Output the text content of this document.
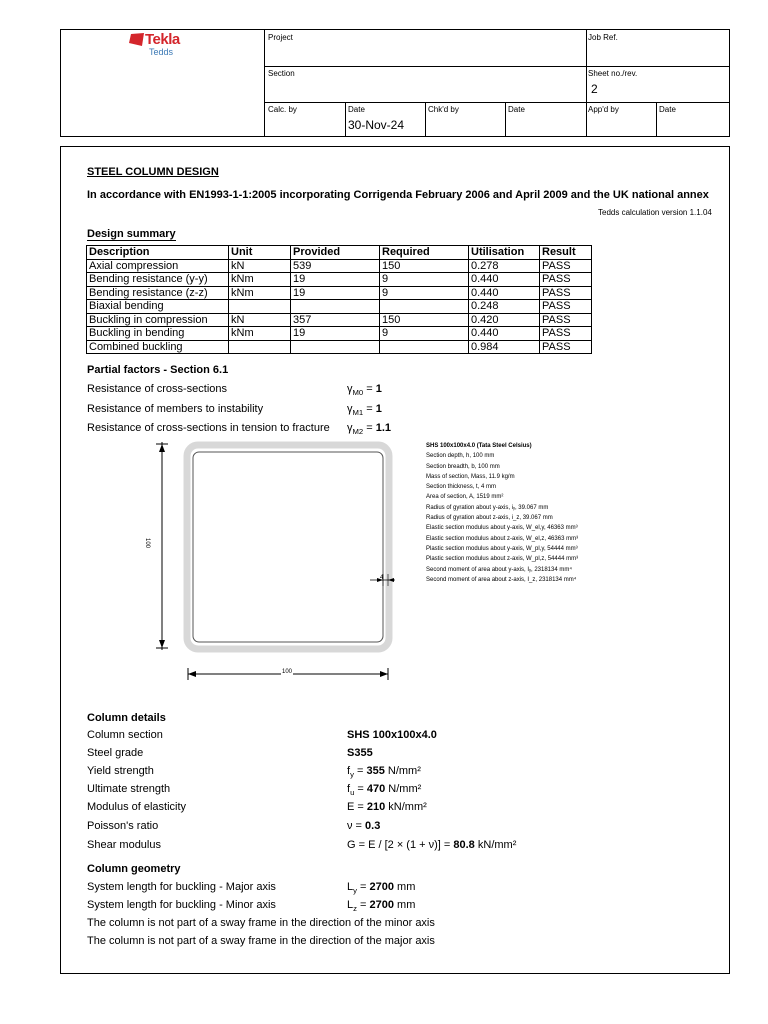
Tekla
Tedds
Project	Job Ref.
Section	Sheet no./rev.
2
Calc. by	Date
30-Nov-24
Chk'd by	Date	App'd by	Date
STEEL COLUMN DESIGN
In accordance with EN1993-1-1:2005 incorporating Corrigenda February 2006 and April 2009 and the UK national annex
Tedds calculation version 1.1.04
Design summary
Description	Unit	Provided	Required	Utilisation	Result
Axial compression	kN	539	150	0.278	PASS
Bending resistance (y-y)	kNm	19	9	0.440	PASS
Bending resistance (z-z)	kNm	19	9	0.440	PASS
Biaxial bending				0.248	PASS
Buckling in compression	kN	357	150	0.420	PASS
Buckling in bending	kNm	19	9	0.440	PASS
Combined buckling				0.984	PASS
Partial factors - Section 6.1
Resistance of cross-sections	$\gamma_{M0} = 1$
Resistance of members to instability	$\gamma_{M1} = 1$
Resistance of cross-sections in tension to fracture $\gamma_{M2} = 1.1$
100
100
4
SHS 100x100x4.0 (Tata Steel Celsius)
Section depth, h, 100 mm
Section breadth, b, 100 mm
Mass of section, Mass, 11.9 kg/m
Section thickness, t, 4 mm
Area of section, A, 1519 mm²
Radius of gyration about y-axis, iᵧ, 39.067 mm
Radius of gyration about z-axis, i_z, 39.067 mm
Elastic section modulus about y-axis, W_el,y, 46363 mm³
Elastic section modulus about z-axis, W_el,z, 46363 mm³
Plastic section modulus about y-axis, W_pl,y, 54444 mm³
Plastic section modulus about z-axis, W_pl,z, 54444 mm³
Second moment of area about y-axis, Iᵧ, 2318134 mm⁴
Second moment of area about z-axis, I_z, 2318134 mm⁴
Column details
Column section	SHS 100x100x4.0
Steel grade	S355
Yield strength	$f_y = 355$ N/mm²
Ultimate strength	$f_u = 470$ N/mm²
Modulus of elasticity	E = 210 kN/mm²
Poisson's ratio	ν = 0.3
Shear modulus	G = E / [2 × (1 + ν)] = 80.8 kN/mm²
Column geometry
System length for buckling - Major axis	$L_y = 2700$ mm
System length for buckling - Minor axis	$L_z = 2700$ mm
The column is not part of a sway frame in the direction of the minor axis
The column is not part of a sway frame in the direction of the major axis
